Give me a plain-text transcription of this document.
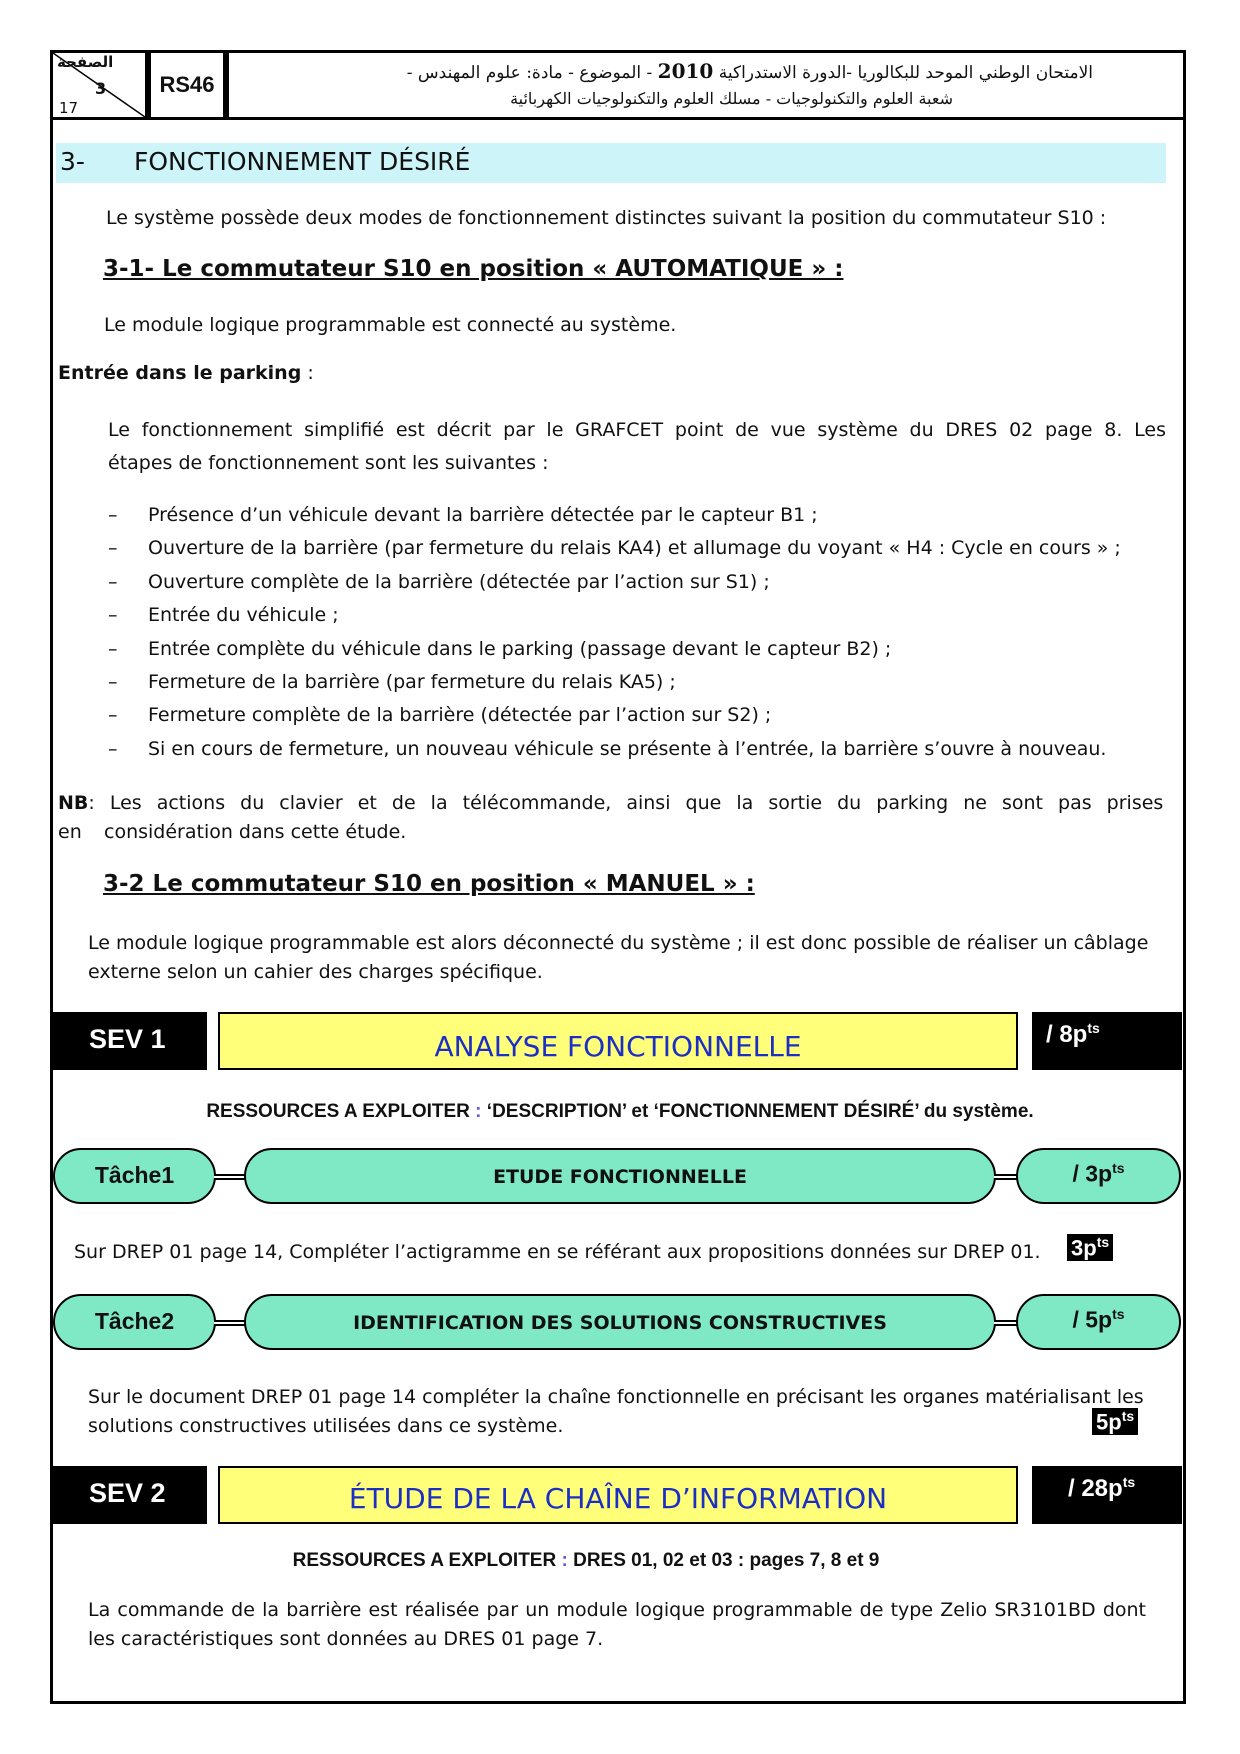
الصفحة
3
17
RS46	الامتحان الوطني الموحد للبكالوريا -الدورة الاستدراكية 2010 - الموضوع - مادة: علوم المهندس -
شعبة العلوم والتكنولوجيات - مسلك العلوم والتكنولوجيات الكهربائية
3- FONCTIONNEMENT DÉSIRÉ
Le système possède deux modes de fonctionnement distinctes suivant la position du commutateur S10 :
3-1- Le commutateur S10 en position « AUTOMATIQUE » :
Le module logique programmable est connecté au système.
Entrée dans le parking :
Le fonctionnement simplifié est décrit par le GRAFCET point de vue système du DRES 02 page 8. Les
étapes de fonctionnement sont les suivantes :
– Présence d’un véhicule devant la barrière détectée par le capteur B1 ;
– Ouverture de la barrière (par fermeture du relais KA4) et allumage du voyant « H4 : Cycle en cours » ;
– Ouverture complète de la barrière (détectée par l’action sur S1) ;
– Entrée du véhicule ;
– Entrée complète du véhicule dans le parking (passage devant le capteur B2) ;
– Fermeture de la barrière (par fermeture du relais KA5) ;
– Fermeture complète de la barrière (détectée par l’action sur S2) ;
– Si en cours de fermeture, un nouveau véhicule se présente à l’entrée, la barrière s’ouvre à nouveau.
NB: Les actions du clavier et de la télécommande, ainsi que la sortie du parking ne sont pas prises en	considération dans cette étude.
3-2 Le commutateur S10 en position « MANUEL » :
Le module logique programmable est alors déconnecté du système ; il est donc possible de réaliser un câblage
externe selon un cahier des charges spécifique.
SEV 1	ANALYSE FONCTIONNELLE	/ $8p^{ts}$
RESSOURCES A EXPLOITER : ‘DESCRIPTION’ et ‘FONCTIONNEMENT DÉSIRÉ’ du système.
Tâche1	ETUDE FONCTIONNELLE	/ $3p^{ts}$
Sur DREP 01 page 14, Compléter l’actigramme en se référant aux propositions données sur DREP 01. $3p^{ts}$
Tâche2	IDENTIFICATION DES SOLUTIONS CONSTRUCTIVES	/ $5p^{ts}$
Sur le document DREP 01 page 14 compléter la chaîne fonctionnelle en précisant les organes matérialisant les
solutions constructives utilisées dans ce système.	$5p^{ts}$
SEV 2	ÉTUDE DE LA CHAÎNE D’INFORMATION	/ $28p^{ts}$
RESSOURCES A EXPLOITER : DRES 01, 02 et 03 : pages 7, 8 et 9
La commande de la barrière est réalisée par un module logique programmable de type Zelio SR3101BD dont
les caractéristiques sont données au DRES 01 page 7.
